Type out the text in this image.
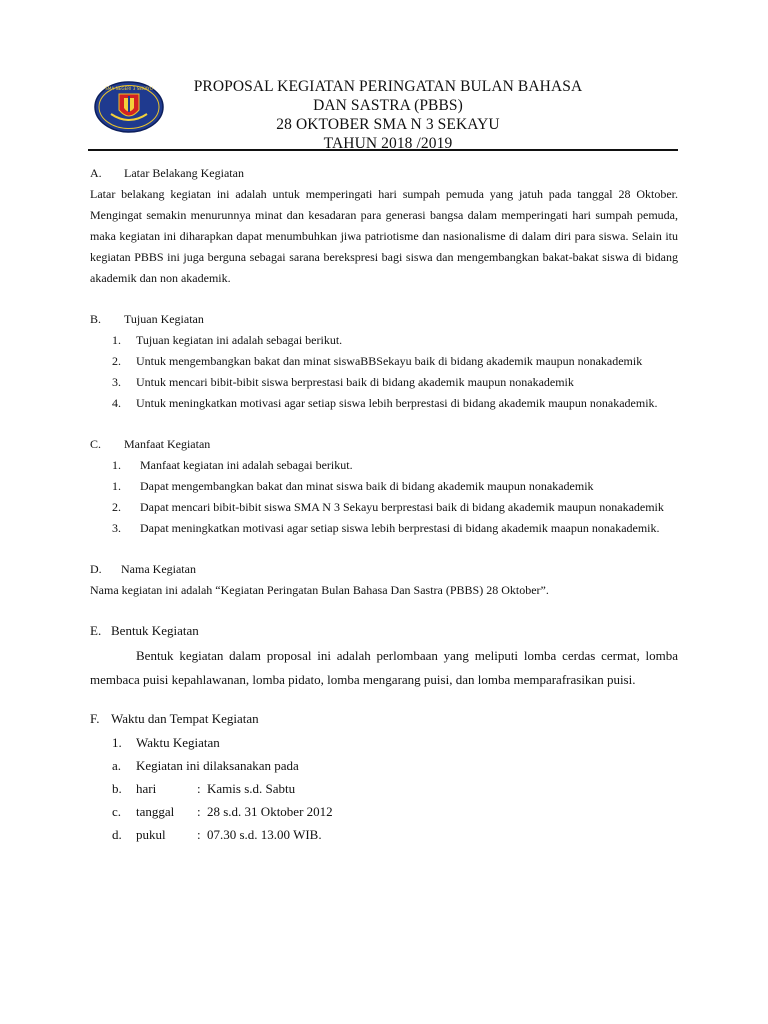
SMA NEGERI 3 SEKAYU	PROPOSAL KEGIATAN PERINGATAN BULAN BAHASA
DAN SASTRA (PBBS)
28 OKTOBER SMA N 3 SEKAYU
TAHUN 2018 /2019
A. Latar Belakang Kegiatan

Latar belakang kegiatan ini adalah untuk memperingati hari sumpah pemuda yang jatuh pada tanggal 28 Oktober. Mengingat semakin menurunnya minat dan kesadaran para generasi bangsa dalam memperingati hari sumpah pemuda, maka kegiatan ini diharapkan dapat menumbuhkan jiwa patriotisme dan nasionalisme di dalam diri para siswa. Selain itu kegiatan PBBS ini juga berguna sebagai sarana berekspresi bagi siswa dan mengembangkan bakat-bakat siswa di bidang akademik dan non akademik.

B. Tujuan Kegiatan
1. Tujuan kegiatan ini adalah sebagai berikut.
2. Untuk mengembangkan bakat dan minat siswaBBSekayu baik di bidang akademik maupun nonakademik
3. Untuk mencari bibit-bibit siswa berprestasi baik di bidang akademik maupun nonakademik
4. Untuk meningkatkan motivasi agar setiap siswa lebih berprestasi di bidang akademik maupun nonakademik.
C. Manfaat Kegiatan
1. Manfaat kegiatan ini adalah sebagai berikut.
1. Dapat mengembangkan bakat dan minat siswa baik di bidang akademik maupun nonakademik
2. Dapat mencari bibit-bibit siswa SMA N 3 Sekayu berprestasi baik di bidang akademik maupun nonakademik
3. Dapat meningkatkan motivasi agar setiap siswa lebih berprestasi di bidang akademik maapun nonakademik.
D. Nama Kegiatan

Nama kegiatan ini adalah “Kegiatan Peringatan Bulan Bahasa Dan Sastra (PBBS) 28 Oktober”.

E. Bentuk Kegiatan

Bentuk kegiatan dalam proposal ini adalah perlombaan yang meliputi lomba cerdas cermat, lomba membaca puisi kepahlawanan, lomba pidato, lomba mengarang puisi, dan lomba memparafrasikan puisi.

F. Waktu dan Tempat Kegiatan
1. Waktu Kegiatan
a. Kegiatan ini dilaksanakan pada
b. hari	: Kamis s.d. Sabtu
c. tanggal : 28 s.d. 31 Oktober 2012
d. pukul : 07.30 s.d. 13.00 WIB.
